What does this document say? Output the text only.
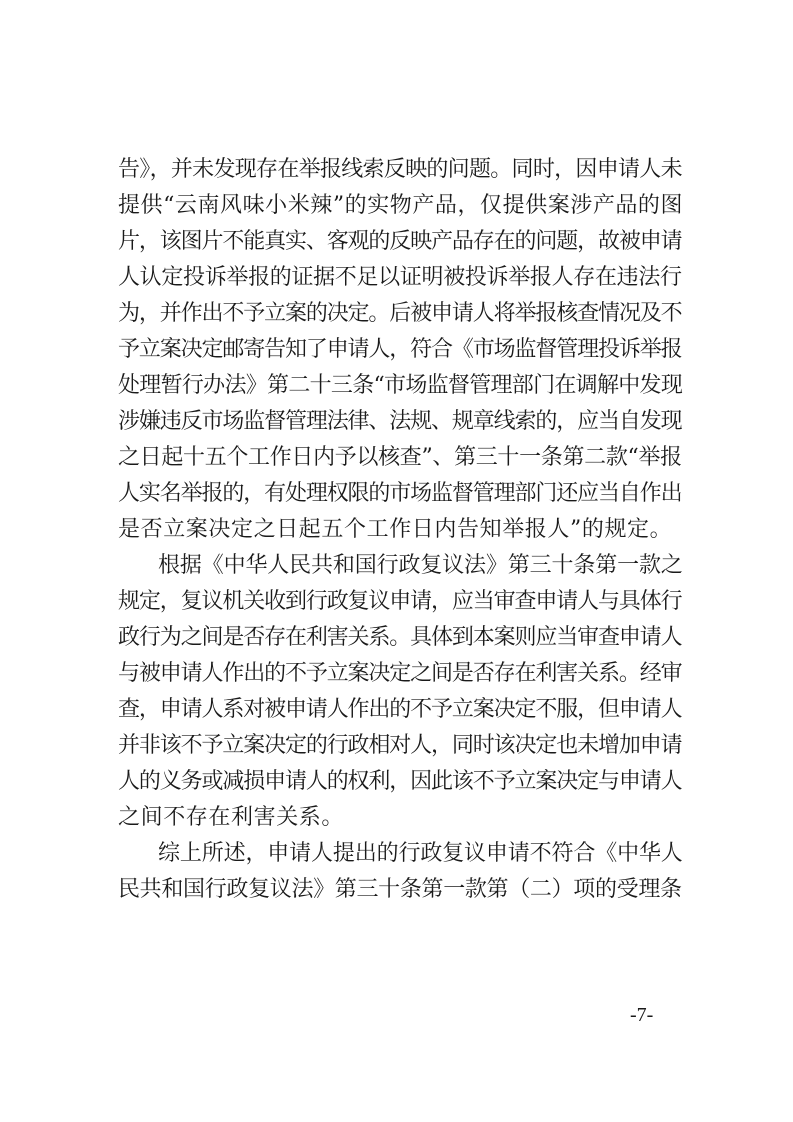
告》，并未发现存在举报线索反映的问题。同时，因申请人未
提供“云南风味小米辣”的实物产品，仅提供案涉产品的图
片，该图片不能真实、客观的反映产品存在的问题，故被申请
人认定投诉举报的证据不足以证明被投诉举报人存在违法行
为，并作出不予立案的决定。后被申请人将举报核查情况及不
予立案决定邮寄告知了申请人，符合《市场监督管理投诉举报
处理暂行办法》第二十三条“市场监督管理部门在调解中发现
涉嫌违反市场监督管理法律、法规、规章线索的，应当自发现
之日起十五个工作日内予以核查”、第三十一条第二款“举报
人实名举报的，有处理权限的市场监督管理部门还应当自作出
是否立案决定之日起五个工作日内告知举报人”的规定。
根据《中华人民共和国行政复议法》第三十条第一款之
规定，复议机关收到行政复议申请，应当审查申请人与具体行
政行为之间是否存在利害关系。具体到本案则应当审查申请人
与被申请人作出的不予立案决定之间是否存在利害关系。经审
查，申请人系对被申请人作出的不予立案决定不服，但申请人
并非该不予立案决定的行政相对人，同时该决定也未增加申请
人的义务或减损申请人的权利，因此该不予立案决定与申请人
之间不存在利害关系。
综上所述，申请人提出的行政复议申请不符合《中华人
民共和国行政复议法》第三十条第一款第（二）项的受理条
-7-
